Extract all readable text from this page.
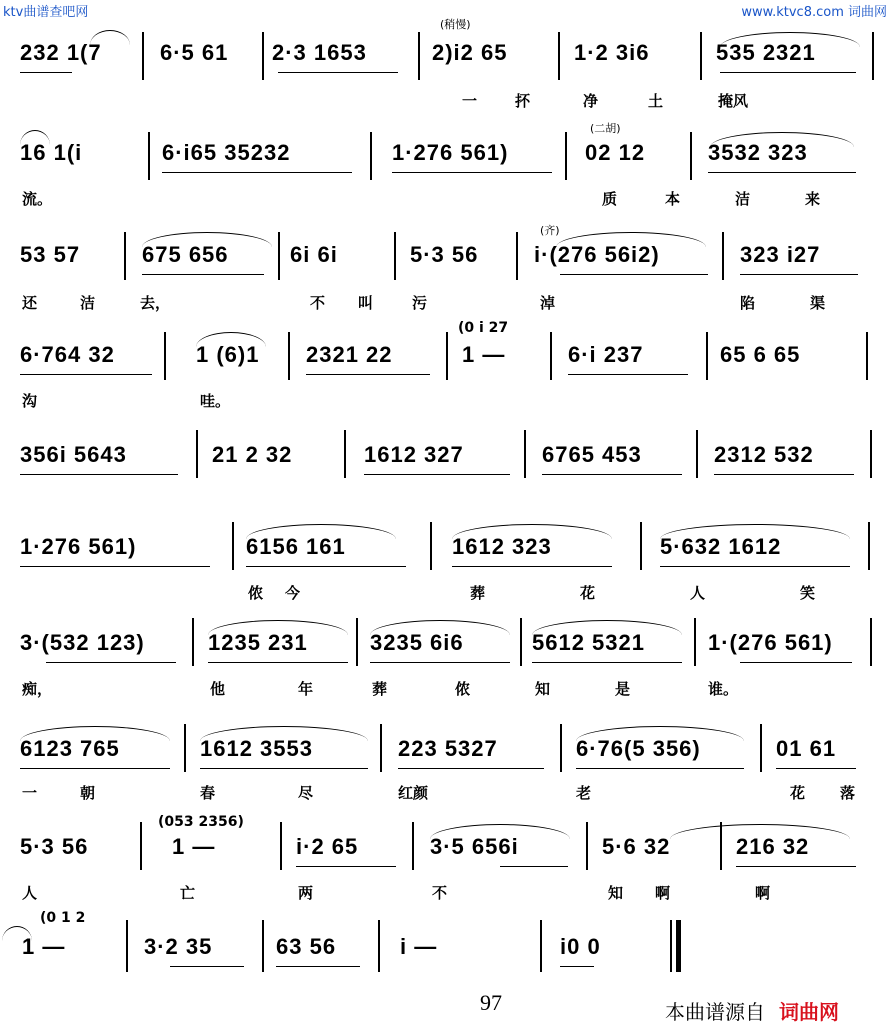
ktv曲谱查吧网	www.ktvc8.com 词曲网
(稍慢)
232 1(7	6·5 61 2·3 1653	2)i2 65	1·2 3i6	535 2321
一	抔	净	土	掩风
(二胡)
16 1(i	6·i65 35232	1·276 561)	02 12	3532 323
流。	质	本	洁	来
(齐)
53 57	675 656	6i 6i	5·3 56	i·(276 56i2)	323 i27
还	洁	去，	不 叫	污	淖	陷	渠
(0 i 27
6·764 32	1 (6)1 2321 22	1 —	6·i 237	65 6 65
沟	哇。
356i 5643	21 2 32	1612 327	6765 453	2312 532
1·276 561)	6156 161	1612 323	5·632 1612
侬 今	葬	花	人	笑
3·(532 123)	1235 231	3235 6i6	5612 5321	1·(276 561)
痴，	他	年	葬	侬	知	是	谁。
6123 765	1612 3553	223 5327	6·76(5 356)	01 61
一	朝	春	尽	红颜	老	花 落
(053 2356)
5·3 56	1 —	i·2 65	3·5 656i	5·6 32	216 32
人	亡	两	不	知 啊	啊
(0 1 2
1 —	3·2 35	63 56	i —	i0 0
97	本曲谱源自 词曲网
